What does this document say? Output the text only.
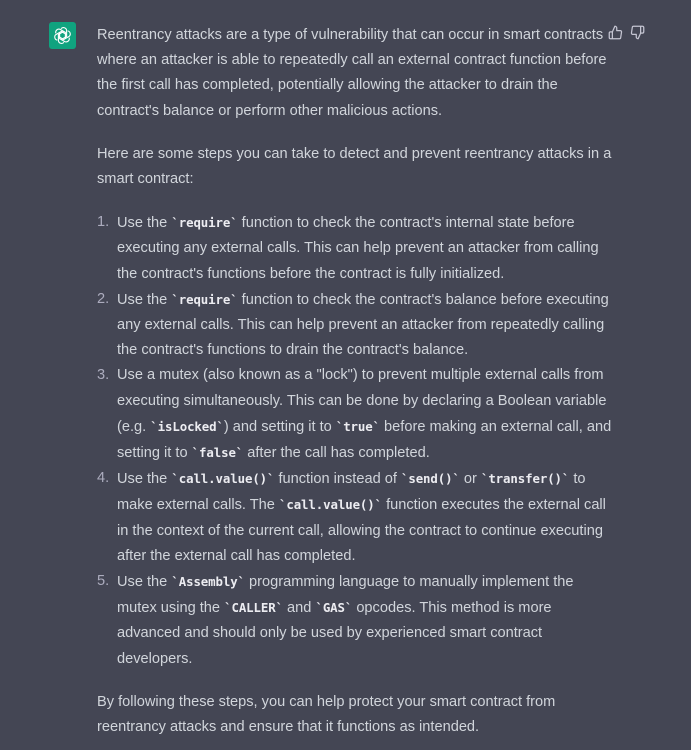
Reentrancy attacks are a type of vulnerability that can occur in smart contracts where an attacker is able to repeatedly call an external contract function before the first call has completed, potentially allowing the attacker to drain the contract's balance or perform other malicious actions.

Here are some steps you can take to detect and prevent reentrancy attacks in a smart contract:

1. Use the `require` function to check the contract's internal state before executing any external calls. This can help prevent an attacker from calling the contract's functions before the contract is fully initialized.
2. Use the `require` function to check the contract's balance before executing any external calls. This can help prevent an attacker from repeatedly calling the contract's functions to drain the contract's balance.
3. Use a mutex (also known as a "lock") to prevent multiple external calls from executing simultaneously. This can be done by declaring a Boolean variable (e.g. `isLocked`) and setting it to `true` before making an external call, and setting it to `false` after the call has completed.
4. Use the `call.value()` function instead of `send()` or `transfer()` to make external calls. The `call.value()` function executes the external call in the context of the current call, allowing the contract to continue executing after the external call has completed.
5. Use the `Assembly` programming language to manually implement the mutex using the `CALLER` and `GAS` opcodes. This method is more advanced and should only be used by experienced smart contract developers.

By following these steps, you can help protect your smart contract from reentrancy attacks and ensure that it functions as intended.
